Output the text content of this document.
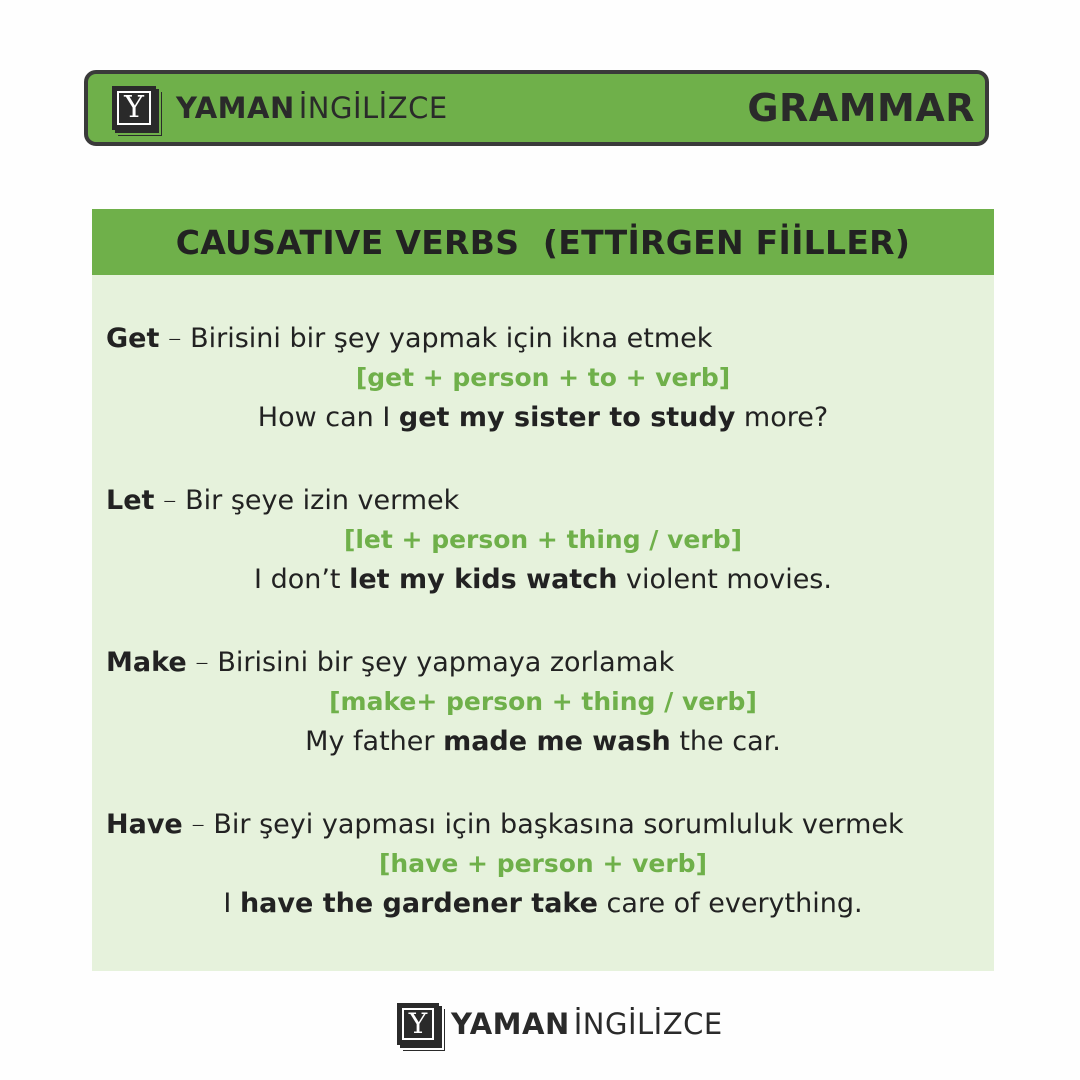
Y YAMAN İNGİLİZCE	GRAMMAR
CAUSATIVE VERBS  (ETTİRGEN FİİLLER)
Get – Birisini bir şey yapmak için ikna etmek
[get + person + to + verb]
How can I get my sister to study more?
Let – Bir şeye izin vermek
[let + person + thing / verb]
I don’t let my kids watch violent movies.
Make – Birisini bir şey yapmaya zorlamak
[make+ person + thing / verb]
My father made me wash the car.
Have – Bir şeyi yapması için başkasına sorumluluk vermek
[have + person + verb]
I have the gardener take care of everything.
Y YAMAN İNGİLİZCE
